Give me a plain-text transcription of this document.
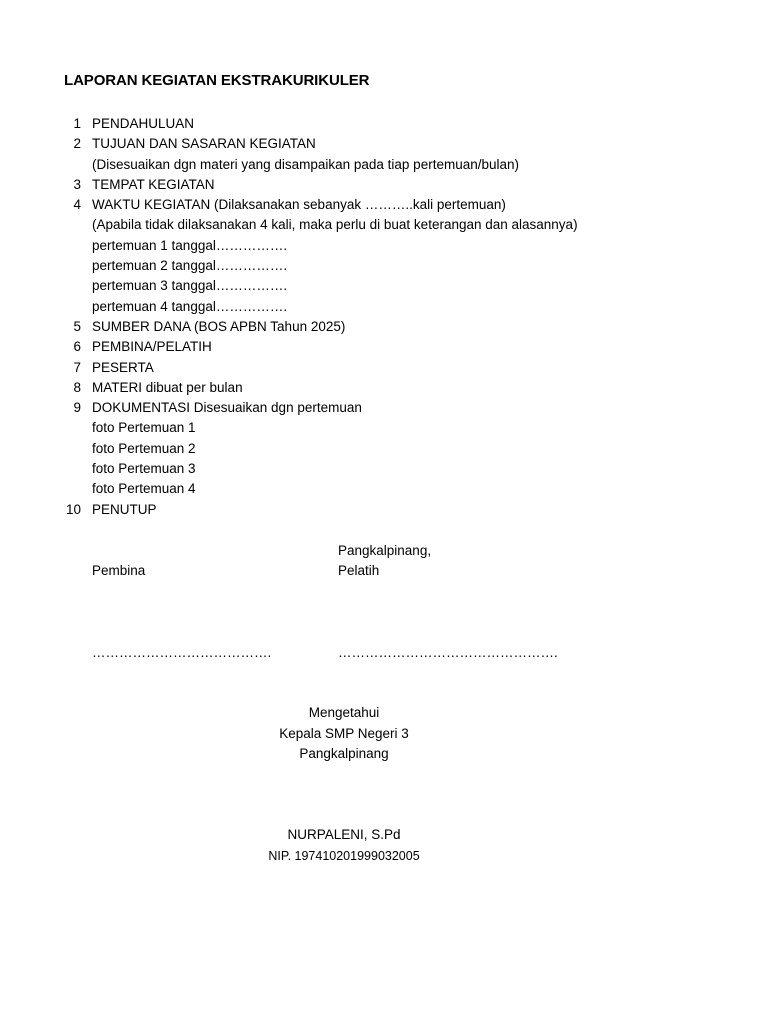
LAPORAN KEGIATAN EKSTRAKURIKULER
1 PENDAHULUAN
2 TUJUAN DAN SASARAN KEGIATAN
(Disesuaikan dgn materi yang disampaikan pada tiap pertemuan/bulan)
3 TEMPAT KEGIATAN
4 WAKTU KEGIATAN (Dilaksanakan sebanyak ………..kali pertemuan)
(Apabila tidak dilaksanakan 4 kali, maka perlu di buat keterangan dan alasannya)
pertemuan 1 tanggal…………….
pertemuan 2 tanggal…………….
pertemuan 3 tanggal…………….
pertemuan 4 tanggal…………….
5 SUMBER DANA (BOS APBN Tahun 2025)
6 PEMBINA/PELATIH
7 PESERTA
8 MATERI dibuat per bulan
9 DOKUMENTASI Disesuaikan dgn pertemuan
foto Pertemuan 1
foto Pertemuan 2
foto Pertemuan 3
foto Pertemuan 4
10 PENUTUP
Pangkalpinang,
Pembina	Pelatih
………………………………….	………………………………………….
Mengetahui
Kepala SMP Negeri 3
Pangkalpinang
NURPALENI, S.Pd
NIP. 197410201999032005
